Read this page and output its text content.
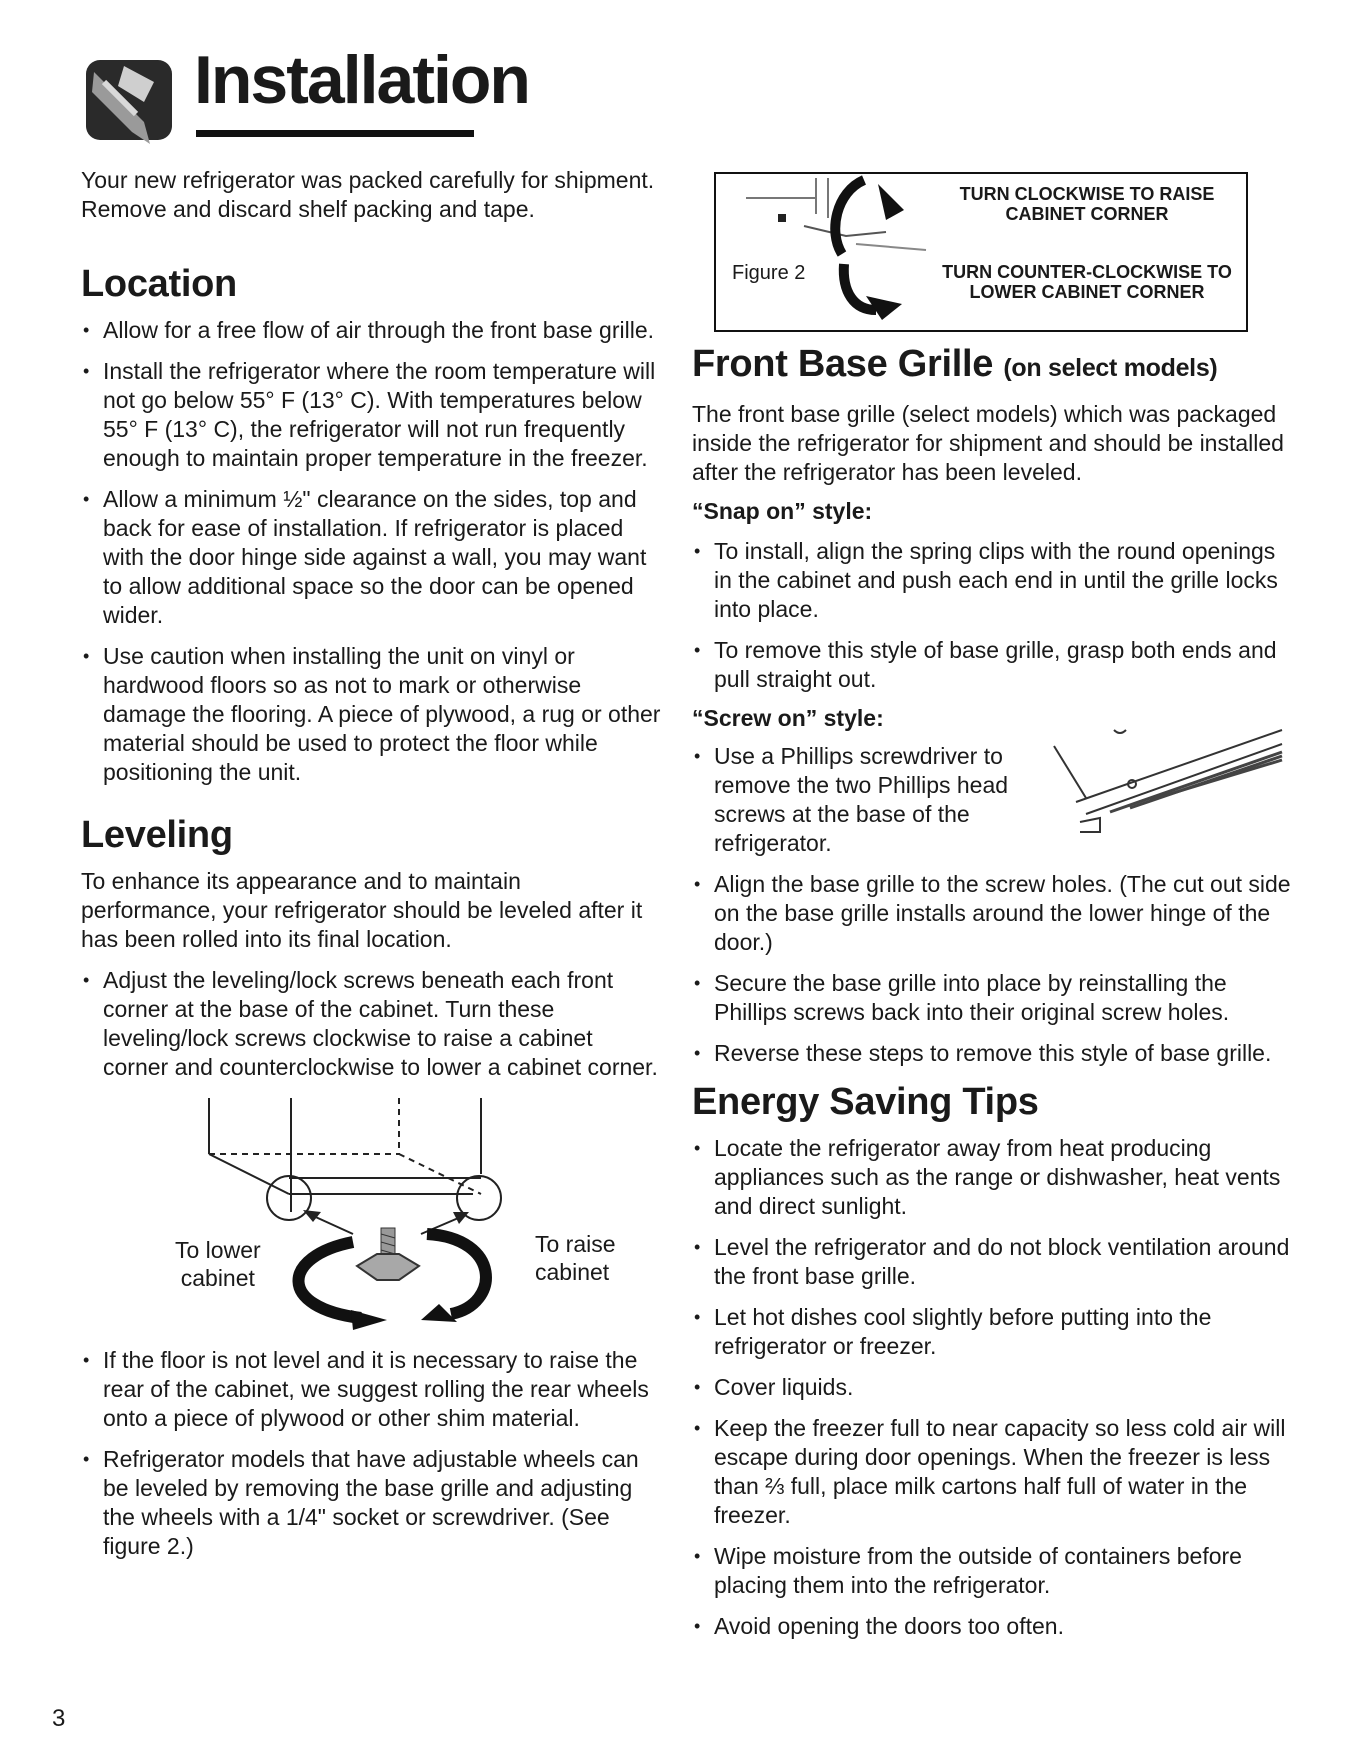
Installation

Your new refrigerator was packed carefully for shipment. Remove and discard shelf packing and tape.

Location
• Allow for a free flow of air through the front base grille.
• Install the refrigerator where the room temperature will not go below 55° F (13° C). With temperatures below 55° F (13° C), the refrigerator will not run frequently enough to maintain proper temperature in the freezer.
• Allow a minimum ½" clearance on the sides, top and back for ease of installation. If refrigerator is placed with the door hinge side against a wall, you may want to allow additional space so the door can be opened wider.
• Use caution when installing the unit on vinyl or hardwood floors so as not to mark or otherwise damage the flooring. A piece of plywood, a rug or other material should be used to protect the floor while positioning the unit.
Leveling

To enhance its appearance and to maintain performance, your refrigerator should be leveled after it has been rolled into its final location.

• Adjust the leveling/lock screws beneath each front corner at the base of the cabinet. Turn these leveling/lock screws clockwise to raise a cabinet corner and counterclockwise to lower a cabinet corner.
To lower
cabinet
To raise
cabinet
• If the floor is not level and it is necessary to raise the rear of the cabinet, we suggest rolling the rear wheels onto a piece of plywood or other shim material.
• Refrigerator models that have adjustable wheels can be leveled by removing the base grille and adjusting the wheels with a 1/4" socket or screwdriver. (See figure 2.)
3
Figure 2
TURN CLOCKWISE TO RAISE
CABINET CORNER
TURN COUNTER-CLOCKWISE TO
LOWER CABINET CORNER
Front Base Grille (on select models)

The front base grille (select models) which was packaged inside the refrigerator for shipment and should be installed after the refrigerator has been leveled.

“Snap on” style:

• To install, align the spring clips with the round openings in the cabinet and push each end in until the grille locks into place.
• To remove this style of base grille, grasp both ends and pull straight out.

“Screw on” style:

• Use a Phillips screwdriver to remove the two Phillips head screws at the base of the refrigerator.
• Align the base grille to the screw holes. (The cut out side on the base grille installs around the lower hinge of the door.)
• Secure the base grille into place by reinstalling the Phillips screws back into their original screw holes.
• Reverse these steps to remove this style of base grille.
Energy Saving Tips
• Locate the refrigerator away from heat producing appliances such as the range or dishwasher, heat vents and direct sunlight.
• Level the refrigerator and do not block ventilation around the front base grille.
• Let hot dishes cool slightly before putting into the refrigerator or freezer.
• Cover liquids.
• Keep the freezer full to near capacity so less cold air will escape during door openings. When the freezer is less than ⅔ full, place milk cartons half full of water in the freezer.
• Wipe moisture from the outside of containers before placing them into the refrigerator.
• Avoid opening the doors too often.
